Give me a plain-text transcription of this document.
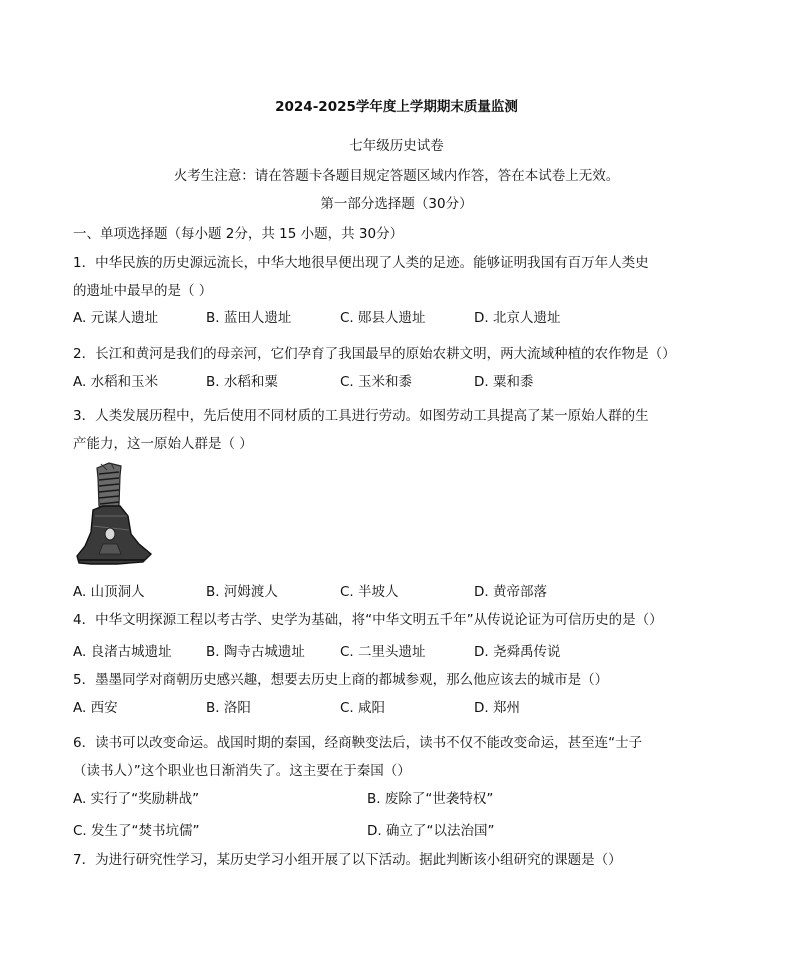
2024-2025学年度上学期期末质量监测
七年级历史试卷
火考生注意：请在答题卡各题目规定答题区域内作答，答在本试卷上无效。
第一部分选择题（30分）
一、单项选择题（每小题 2分，共 15 小题，共 30分）
1．中华民族的历史源远流长，中华大地很早便出现了人类的足迹。能够证明我国有百万年人类史
的遗址中最早的是（ ）
A. 元谋人遗址	B. 蓝田人遗址	C. 郧县人遗址	D. 北京人遗址
2．长江和黄河是我们的母亲河，它们孕育了我国最早的原始农耕文明，两大流域种植的农作物是（）
A. 水稻和玉米	B. 水稻和粟	C. 玉米和黍	D. 粟和黍
3．人类发展历程中，先后使用不同材质的工具进行劳动。如图劳动工具提高了某一原始人群的生
产能力，这一原始人群是（ ）
A. 山顶洞人	B. 河姆渡人	C. 半坡人	D. 黄帝部落
4．中华文明探源工程以考古学、史学为基础，将“中华文明五千年”从传说论证为可信历史的是（）
A. 良渚古城遗址	B. 陶寺古城遗址	C. 二里头遗址	D. 尧舜禹传说
5．墨墨同学对商朝历史感兴趣，想要去历史上商的都城参观，那么他应该去的城市是（）
A. 西安	B. 洛阳	C. 咸阳	D. 郑州
6．读书可以改变命运。战国时期的秦国，经商鞅变法后，读书不仅不能改变命运，甚至连“士子
（读书人）”这个职业也日渐消失了。这主要在于秦国（）
A. 实行了“奖励耕战”	B. 废除了“世袭特权”
C. 发生了“焚书坑儒”	D. 确立了“以法治国”
7．为进行研究性学习，某历史学习小组开展了以下活动。据此判断该小组研究的课题是（）
